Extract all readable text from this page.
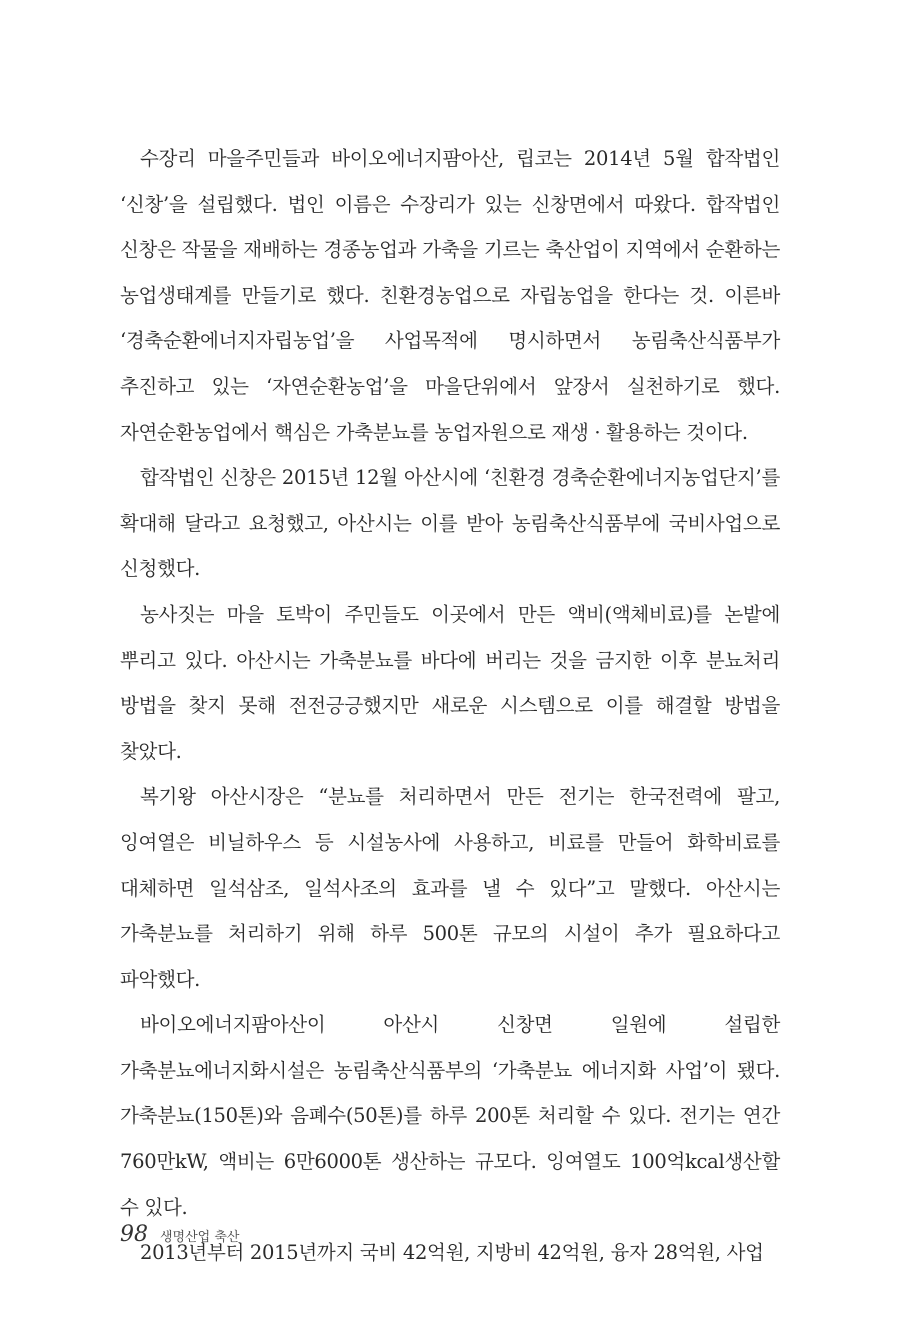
수장리 마을주민들과 바이오에너지팜아산, 립코는 2014년 5월 합작법인 ‘신창’을 설립했다. 법인 이름은 수장리가 있는 신창면에서 따왔다. 합작법인 신창은 작물을 재배하는 경종농업과 가축을 기르는 축산업이 지역에서 순환하는 농업생태계를 만들기로 했다. 친환경농업으로 자립농업을 한다는 것. 이른바 ‘경축순환에너지자립농업’을 사업목적에 명시하면서 농림축산식품부가 추진하고 있는 ‘자연순환농업’을 마을단위에서 앞장서 실천하기로 했다. 자연순환농업에서 핵심은 가축분뇨를 농업자원으로 재생 · 활용하는 것이다.

합작법인 신창은 2015년 12월 아산시에 ‘친환경 경축순환에너지농업단지’를 확대해 달라고 요청했고, 아산시는 이를 받아 농림축산식품부에 국비사업으로 신청했다.

농사짓는 마을 토박이 주민들도 이곳에서 만든 액비(액체비료)를 논밭에 뿌리고 있다. 아산시는 가축분뇨를 바다에 버리는 것을 금지한 이후 분뇨처리 방법을 찾지 못해 전전긍긍했지만 새로운 시스템으로 이를 해결할 방법을 찾았다.

복기왕 아산시장은 “분뇨를 처리하면서 만든 전기는 한국전력에 팔고, 잉여열은 비닐하우스 등 시설농사에 사용하고, 비료를 만들어 화학비료를 대체하면 일석삼조, 일석사조의 효과를 낼 수 있다”고 말했다. 아산시는 가축분뇨를 처리하기 위해 하루 500톤 규모의 시설이 추가 필요하다고 파악했다.

바이오에너지팜아산이 아산시 신창면 일원에 설립한 가축분뇨에너지화시설은 농림축산식품부의 ‘가축분뇨 에너지화 사업’이 됐다. 가축분뇨(150톤)와 음폐수(50톤)를 하루 200톤 처리할 수 있다. 전기는 연간 760만kW, 액비는 6만6000톤 생산하는 규모다. 잉여열도 100억kcal생산할 수 있다.

2013년부터 2015년까지 국비 42억원, 지방비 42억원, 융자 28억원, 사업

98 생명산업 축산
